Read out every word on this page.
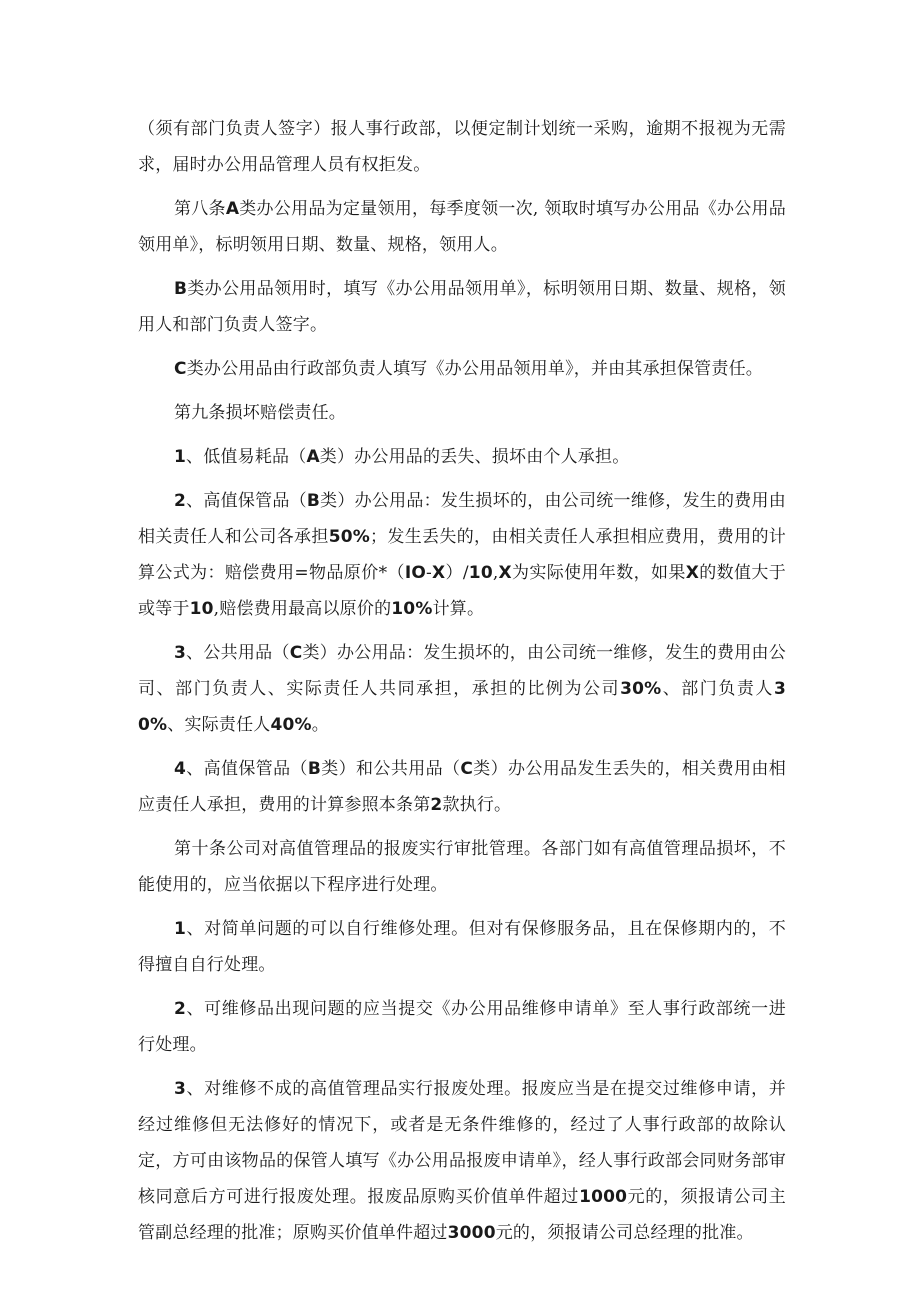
（须有部门负责人签字）报人事行政部，以便定制计划统一采购，逾期不报视为无需求，届时办公用品管理人员有权拒发。

第八条A类办公用品为定量领用，每季度领一次, 领取时填写办公用品《办公用品领用单》，标明领用日期、数量、规格，领用人。

B类办公用品领用时，填写《办公用品领用单》，标明领用日期、数量、规格，领用人和部门负责人签字。

C类办公用品由行政部负责人填写《办公用品领用单》，并由其承担保管责任。

第九条损坏赔偿责任。

1、低值易耗品（A类）办公用品的丢失、损坏由个人承担。

2、高值保管品（B类）办公用品：发生损坏的，由公司统一维修，发生的费用由相关责任人和公司各承担50%；发生丢失的，由相关责任人承担相应费用，费用的计算公式为：赔偿费用=物品原价*（IO-X）/10,X为实际使用年数，如果X的数值大于或等于10,赔偿费用最高以原价的10%计算。

3、公共用品（C类）办公用品：发生损坏的，由公司统一维修，发生的费用由公司、部门负责人、实际责任人共同承担，承担的比例为公司30%、部门负责人30%、实际责任人40%。

4、高值保管品（B类）和公共用品（C类）办公用品发生丢失的，相关费用由相应责任人承担，费用的计算参照本条第2款执行。

第十条公司对高值管理品的报废实行审批管理。各部门如有高值管理品损坏，不能使用的，应当依据以下程序进行处理。

1、对简单问题的可以自行维修处理。但对有保修服务品，且在保修期内的，不得擅自自行处理。

2、可维修品出现问题的应当提交《办公用品维修申请单》至人事行政部统一进行处理。

3、对维修不成的高值管理品实行报废处理。报废应当是在提交过维修申请，并经过维修但无法修好的情况下，或者是无条件维修的，经过了人事行政部的故除认定，方可由该物品的保管人填写《办公用品报废申请单》，经人事行政部会同财务部审核同意后方可进行报废处理。报废品原购买价值单件超过1000元的，须报请公司主管副总经理的批准；原购买价值单件超过3000元的，须报请公司总经理的批准。
